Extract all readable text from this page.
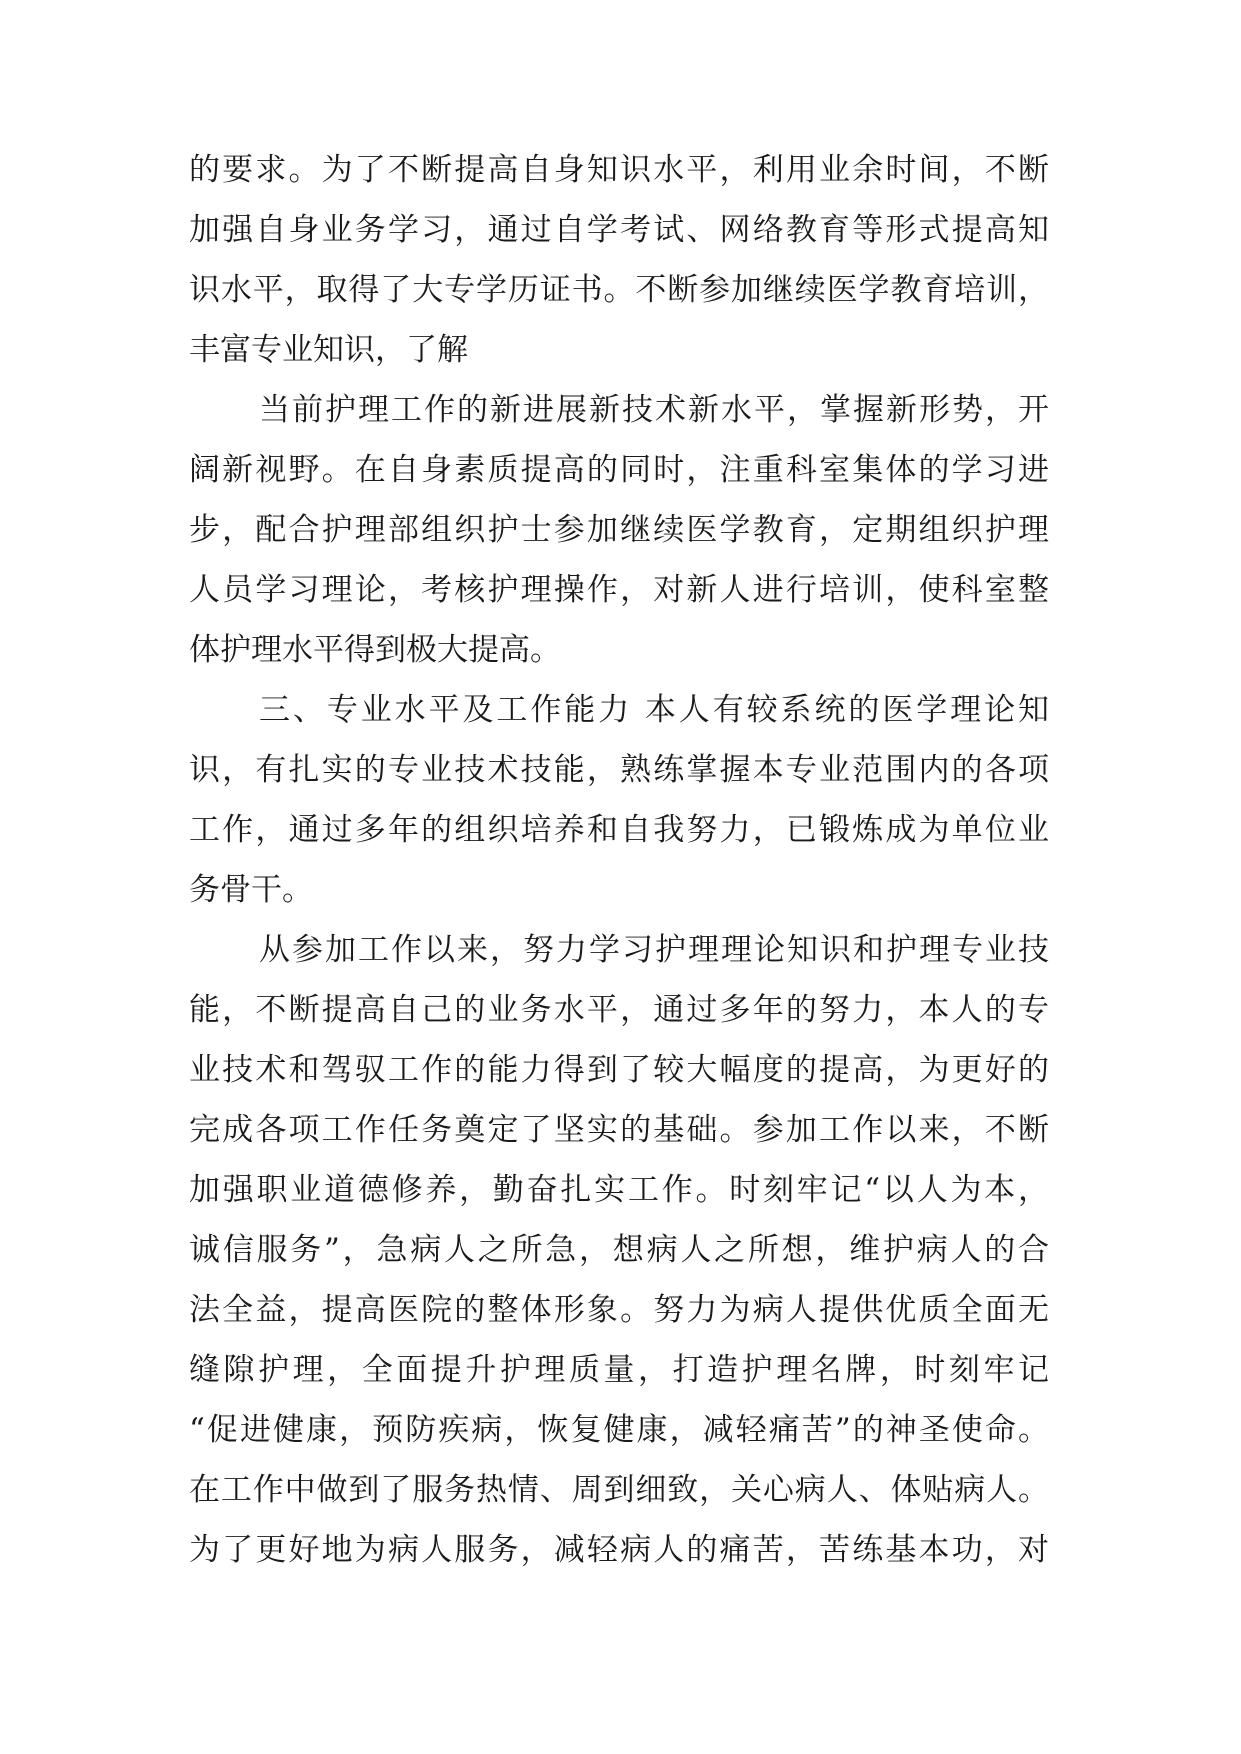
的要求。为了不断提高自身知识水平，利用业余时间，不断
加强自身业务学习，通过自学考试、网络教育等形式提高知
识水平，取得了大专学历证书。不断参加继续医学教育培训，
丰富专业知识，了解
当前护理工作的新进展新技术新水平，掌握新形势，开
阔新视野。在自身素质提高的同时，注重科室集体的学习进
步，配合护理部组织护士参加继续医学教育，定期组织护理
人员学习理论，考核护理操作，对新人进行培训，使科室整
体护理水平得到极大提高。
三、专业水平及工作能力 本人有较系统的医学理论知
识，有扎实的专业技术技能，熟练掌握本专业范围内的各项
工作，通过多年的组织培养和自我努力，已锻炼成为单位业
务骨干。
从参加工作以来，努力学习护理理论知识和护理专业技
能，不断提高自己的业务水平，通过多年的努力，本人的专
业技术和驾驭工作的能力得到了较大幅度的提高，为更好的
完成各项工作任务奠定了坚实的基础。参加工作以来，不断
加强职业道德修养，勤奋扎实工作。时刻牢记“以人为本，
诚信服务”，急病人之所急，想病人之所想，维护病人的合
法全益，提高医院的整体形象。努力为病人提供优质全面无
缝隙护理，全面提升护理质量，打造护理名牌，时刻牢记
“促进健康，预防疾病，恢复健康，减轻痛苦”的神圣使命。
在工作中做到了服务热情、周到细致，关心病人、体贴病人。
为了更好地为病人服务，减轻病人的痛苦，苦练基本功，对
